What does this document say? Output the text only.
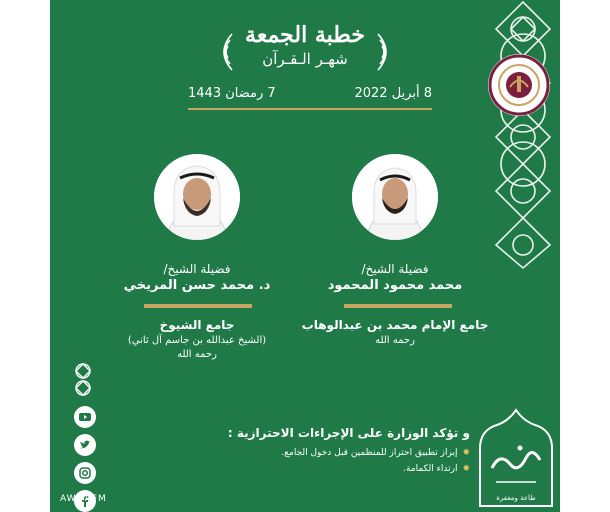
خطبة الجمعة
شهـر الـقـرآن
8 أبريل 2022
7 رمضان 1443
فضيلة الشيخ/
محمد محمود المحمود
جامع الإمام محمد بن عبدالوهاب
رحمه الله
فضيلة الشيخ/
د. محمد حسن المريخي
جامع الشيوخ
(الشيخ عبدالله بن جاسم آل ثاني)
رحمه الله
AWQAFM
و تؤكد الوزارة على الإجراءات الاحترازية :
✸
إبراز تطبيق احتراز للمنظمين قبل دخول الجامع.
✸
ارتداء الكمامة.
طاعة ومغفرة
